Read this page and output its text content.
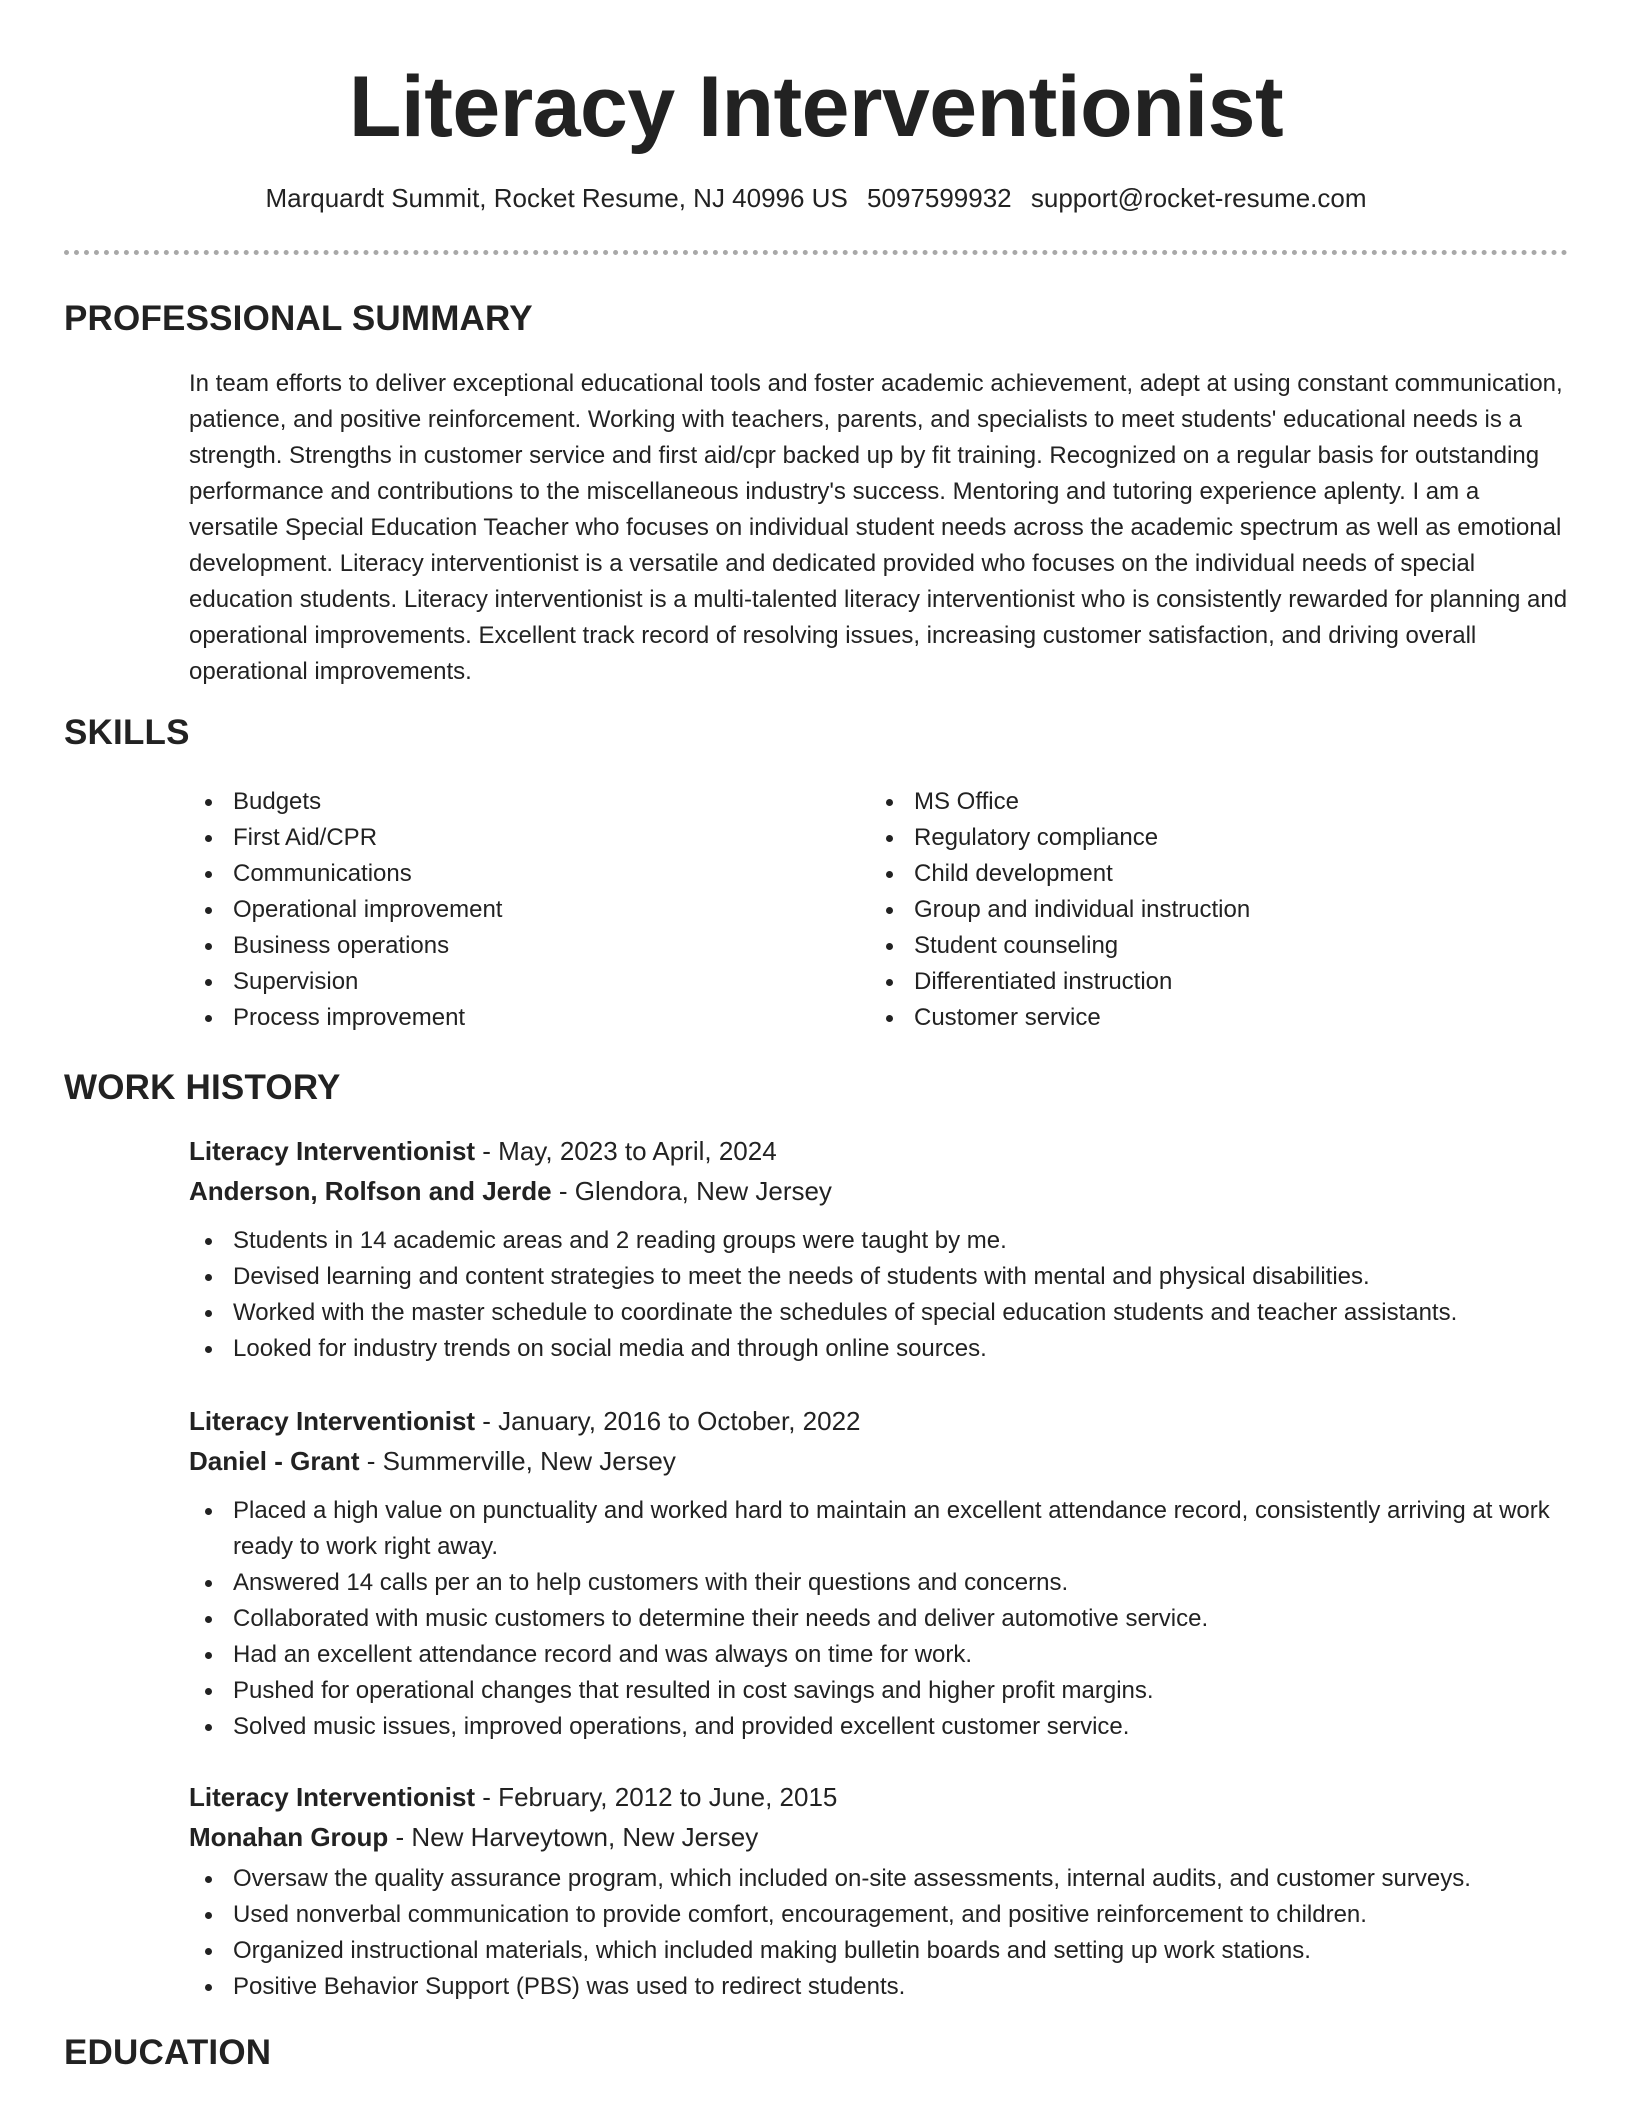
Literacy Interventionist
Marquardt Summit, Rocket Resume, NJ 40996 US 5097599932 support@rocket-resume.com
PROFESSIONAL SUMMARY
In team efforts to deliver exceptional educational tools and foster academic achievement, adept at using constant communication, patience, and positive reinforcement. Working with teachers, parents, and specialists to meet students' educational needs is a strength. Strengths in customer service and first aid/cpr backed up by fit training. Recognized on a regular basis for outstanding performance and contributions to the miscellaneous industry's success. Mentoring and tutoring experience aplenty. I am a versatile Special Education Teacher who focuses on individual student needs across the academic spectrum as well as emotional development. Literacy interventionist is a versatile and dedicated provided who focuses on the individual needs of special education students. Literacy interventionist is a multi-talented literacy interventionist who is consistently rewarded for planning and operational improvements. Excellent track record of resolving issues, increasing customer satisfaction, and driving overall operational improvements.
SKILLS
Budgets
First Aid/CPR
Communications
Operational improvement
Business operations
Supervision
Process improvement
MS Office
Regulatory compliance
Child development
Group and individual instruction
Student counseling
Differentiated instruction
Customer service
WORK HISTORY
Literacy Interventionist - May, 2023 to April, 2024
Anderson, Rolfson and Jerde - Glendora, New Jersey
Students in 14 academic areas and 2 reading groups were taught by me.
Devised learning and content strategies to meet the needs of students with mental and physical disabilities.
Worked with the master schedule to coordinate the schedules of special education students and teacher assistants.
Looked for industry trends on social media and through online sources.
Literacy Interventionist - January, 2016 to October, 2022
Daniel - Grant - Summerville, New Jersey
Placed a high value on punctuality and worked hard to maintain an excellent attendance record, consistently arriving at work ready to work right away.
Answered 14 calls per an to help customers with their questions and concerns.
Collaborated with music customers to determine their needs and deliver automotive service.
Had an excellent attendance record and was always on time for work.
Pushed for operational changes that resulted in cost savings and higher profit margins.
Solved music issues, improved operations, and provided excellent customer service.
Literacy Interventionist - February, 2012 to June, 2015
Monahan Group - New Harveytown, New Jersey
Oversaw the quality assurance program, which included on-site assessments, internal audits, and customer surveys.
Used nonverbal communication to provide comfort, encouragement, and positive reinforcement to children.
Organized instructional materials, which included making bulletin boards and setting up work stations.
Positive Behavior Support (PBS) was used to redirect students.
EDUCATION
